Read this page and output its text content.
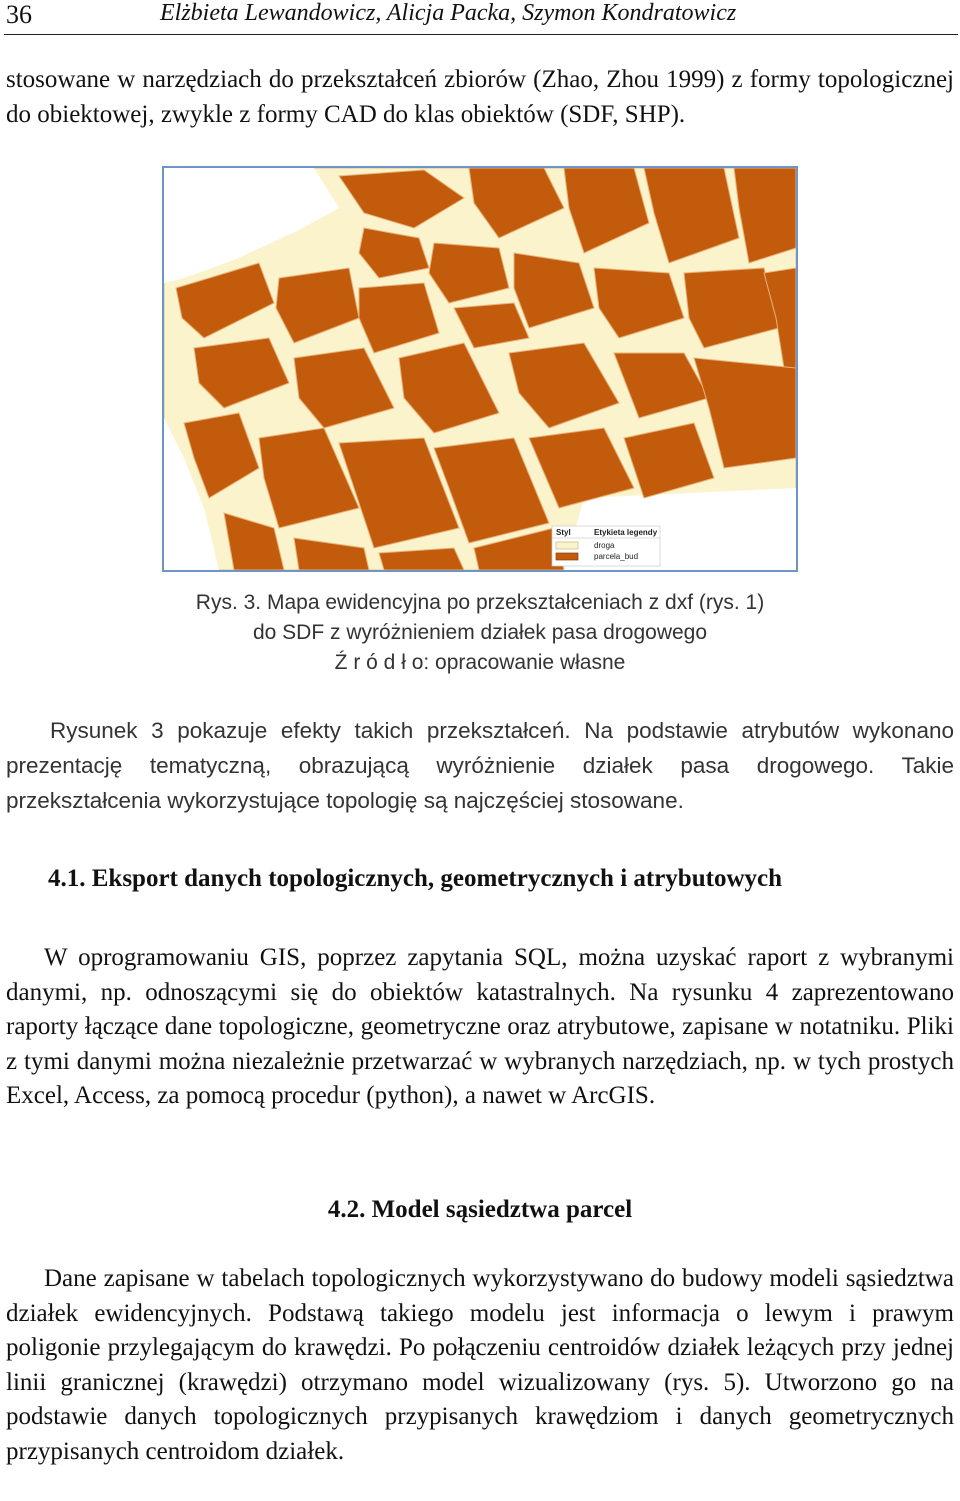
36	Elżbieta Lewandowicz, Alicja Packa, Szymon Kondratowicz

stosowane w narzędziach do przekształceń zbiorów (Zhao, Zhou 1999) z formy topologicznej do obiektowej, zwykle z formy CAD do klas obiektów (SDF, SHP).

Styl	Etykieta legendy
droga
parcela_bud
Rys. 3. Mapa ewidencyjna po przekształceniach z dxf (rys. 1)
do SDF z wyróżnieniem działek pasa drogowego
Ź r ó d ł o: opracowanie własne

Rysunek 3 pokazuje efekty takich przekształceń. Na podstawie atrybutów wykonano prezentację tematyczną, obrazującą wyróżnienie działek pasa drogowego. Takie przekształcenia wykorzystujące topologię są najczęściej stosowane.

4.1. Eksport danych topologicznych, geometrycznych i atrybutowych

W oprogramowaniu GIS, poprzez zapytania SQL, można uzyskać raport z wybranymi danymi, np. odnoszącymi się do obiektów katastralnych. Na rysunku 4 zaprezentowano raporty łączące dane topologiczne, geometryczne oraz atrybutowe, zapisane w notatniku. Pliki z tymi danymi można niezależnie przetwarzać w wybranych narzędziach, np. w tych prostych Excel, Access, za pomocą procedur (python), a nawet w ArcGIS.

4.2. Model sąsiedztwa parcel

Dane zapisane w tabelach topologicznych wykorzystywano do budowy modeli sąsiedztwa działek ewidencyjnych. Podstawą takiego modelu jest informacja o lewym i prawym poligonie przylegającym do krawędzi. Po połączeniu centroidów działek leżących przy jednej linii granicznej (krawędzi) otrzymano model wizualizowany (rys. 5). Utworzono go na podstawie danych topologicznych przypisanych krawędziom i danych geometrycznych przypisanych centroidom działek.
